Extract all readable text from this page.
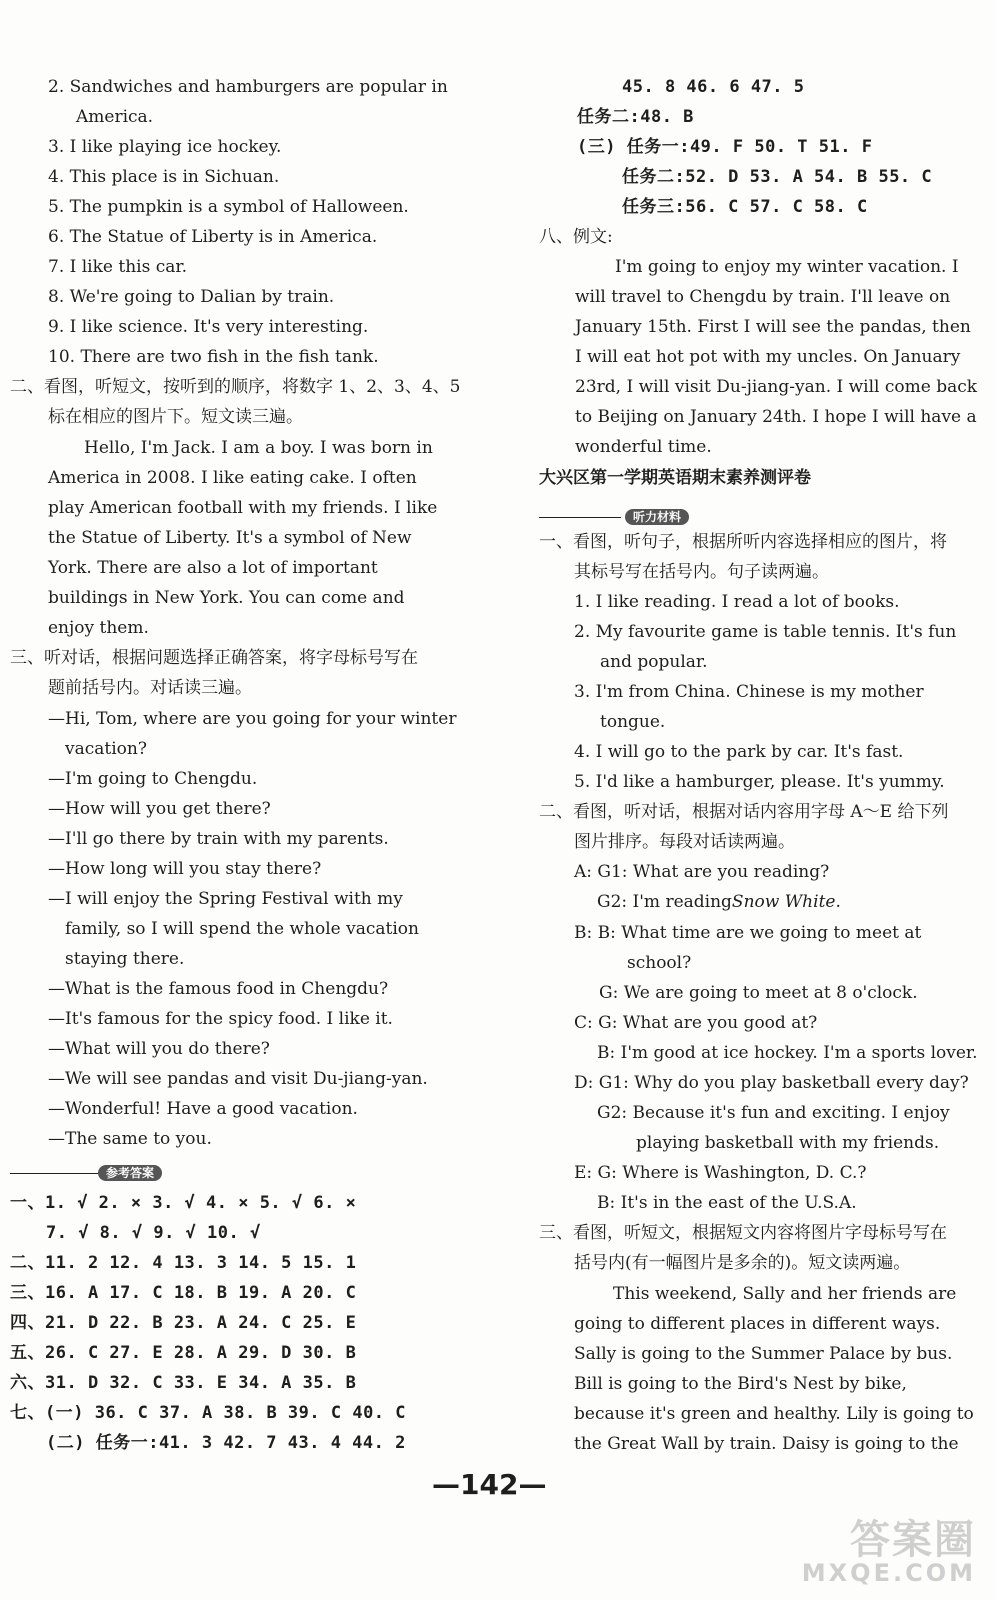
2. Sandwiches and hamburgers are popular in
America.
3. I like playing ice hockey.
4. This place is in Sichuan.
5. The pumpkin is a symbol of Halloween.
6. The Statue of Liberty is in America.
7. I like this car.
8. We're going to Dalian by train.
9. I like science. It's very interesting.
10. There are two fish in the fish tank.
二、看图，听短文，按听到的顺序，将数字 1、2、3、4、5
标在相应的图片下。短文读三遍。
Hello, I'm Jack. I am a boy. I was born in
America in 2008. I like eating cake. I often
play American football with my friends. I like
the Statue of Liberty. It's a symbol of New
York. There are also a lot of important
buildings in New York. You can come and
enjoy them.
三、听对话，根据问题选择正确答案，将字母标号写在
题前括号内。对话读三遍。
—Hi, Tom, where are you going for your winter
vacation?
—I'm going to Chengdu.
—How will you get there?
—I'll go there by train with my parents.
—How long will you stay there?
—I will enjoy the Spring Festival with my
family, so I will spend the whole vacation
staying there.
—What is the famous food in Chengdu?
—It's famous for the spicy food. I like it.
—What will you do there?
—We will see pandas and visit Du-jiang-yan.
—Wonderful! Have a good vacation.
—The same to you.
参考答案
一、1. √ 2. × 3. √ 4. × 5. √ 6. ×
7. √ 8. √ 9. √ 10. √
二、11. 2 12. 4 13. 3 14. 5 15. 1
三、16. A 17. C 18. B 19. A 20. C
四、21. D 22. B 23. A 24. C 25. E
五、26. C 27. E 28. A 29. D 30. B
六、31. D 32. C 33. E 34. A 35. B
七、(一) 36. C 37. A 38. B 39. C 40. C
(二) 任务一:41. 3 42. 7 43. 4 44. 2
45. 8 46. 6 47. 5
任务二:48. B
(三) 任务一:49. F 50. T 51. F
任务二:52. D 53. A 54. B 55. C
任务三:56. C 57. C 58. C
八、例文:
I'm going to enjoy my winter vacation. I
will travel to Chengdu by train. I'll leave on
January 15th. First I will see the pandas, then
I will eat hot pot with my uncles. On January
23rd, I will visit Du-jiang-yan. I will come back
to Beijing on January 24th. I hope I will have a
wonderful time.
大兴区第一学期英语期末素养测评卷
听力材料
一、看图，听句子，根据所听内容选择相应的图片，将
其标号写在括号内。句子读两遍。
1. I like reading. I read a lot of books.
2. My favourite game is table tennis. It's fun
and popular.
3. I'm from China. Chinese is my mother
tongue.
4. I will go to the park by car. It's fast.
5. I'd like a hamburger, please. It's yummy.
二、看图，听对话，根据对话内容用字母 A～E 给下列
图片排序。每段对话读两遍。
A: G1: What are you reading?
G2: I'm readingSnow White.
B: B: What time are we going to meet at
school?
G: We are going to meet at 8 o'clock.
C: G: What are you good at?
B: I'm good at ice hockey. I'm a sports lover.
D: G1: Why do you play basketball every day?
G2: Because it's fun and exciting. I enjoy
playing basketball with my friends.
E: G: Where is Washington, D. C.?
B: It's in the east of the U.S.A.
三、看图，听短文，根据短文内容将图片字母标号写在
括号内(有一幅图片是多余的)。短文读两遍。
This weekend, Sally and her friends are
going to different places in different ways.
Sally is going to the Summer Palace by bus.
Bill is going to the Bird's Nest by bike,
because it's green and healthy. Lily is going to
the Great Wall by train. Daisy is going to the
—142—
答案圈
MXQE.COM
